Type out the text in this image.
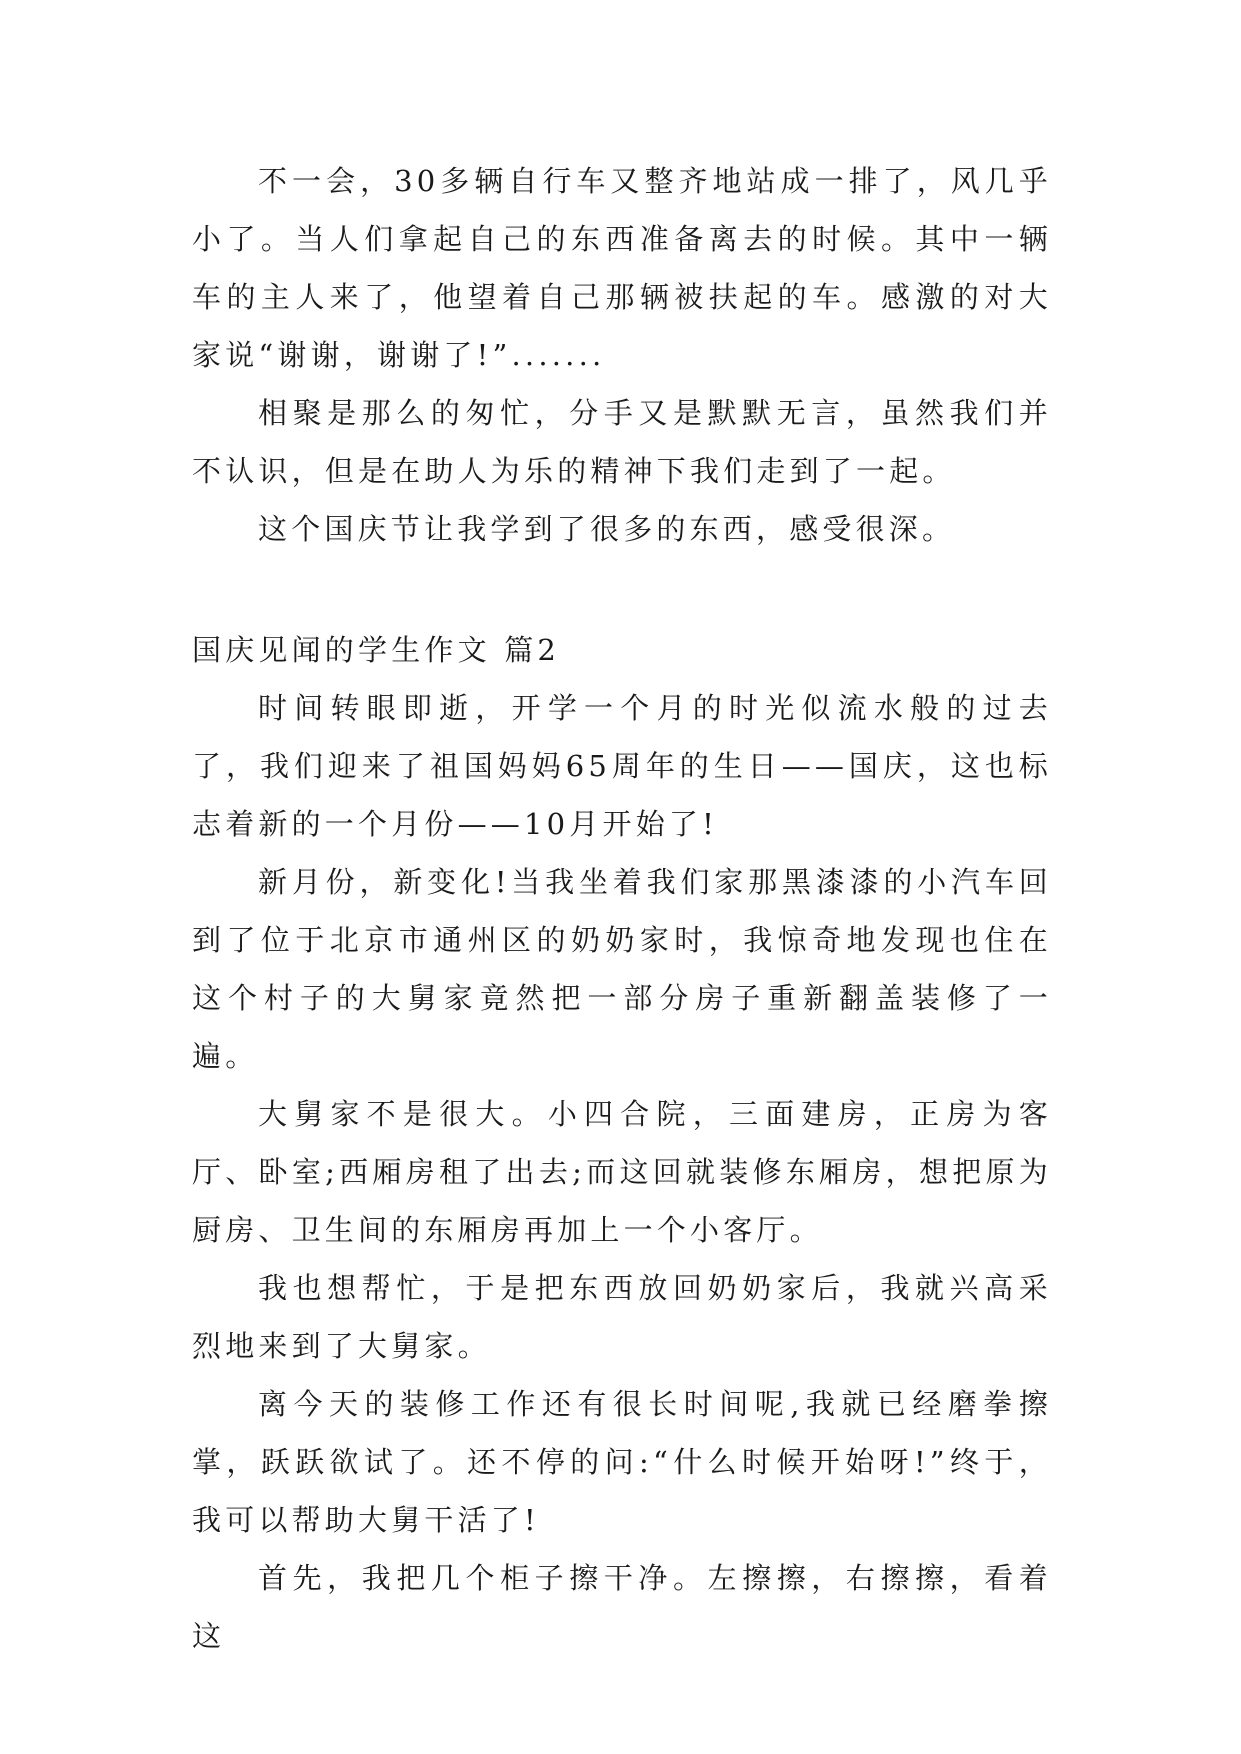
不一会，30多辆自行车又整齐地站成一排了，风几乎小了。当人们拿起自己的东西准备离去的时候。其中一辆车的主人来了，他望着自己那辆被扶起的车。感激的对大家说“谢谢，谢谢了!”.......

相聚是那么的匆忙，分手又是默默无言，虽然我们并不认识，但是在助人为乐的精神下我们走到了一起。

这个国庆节让我学到了很多的东西，感受很深。

国庆见闻的学生作文 篇2

时间转眼即逝，开学一个月的时光似流水般的过去了，我们迎来了祖国妈妈65周年的生日——国庆，这也标志着新的一个月份——10月开始了!

新月份，新变化!当我坐着我们家那黑漆漆的小汽车回到了位于北京市通州区的奶奶家时，我惊奇地发现也住在这个村子的大舅家竟然把一部分房子重新翻盖装修了一遍。

大舅家不是很大。小四合院，三面建房，正房为客厅、卧室;西厢房租了出去;而这回就装修东厢房，想把原为厨房、卫生间的东厢房再加上一个小客厅。

我也想帮忙，于是把东西放回奶奶家后，我就兴高采烈地来到了大舅家。

离今天的装修工作还有很长时间呢,我就已经磨拳擦掌，跃跃欲试了。还不停的问:“什么时候开始呀!”终于，我可以帮助大舅干活了!

首先，我把几个柜子擦干净。左擦擦，右擦擦，看着这
